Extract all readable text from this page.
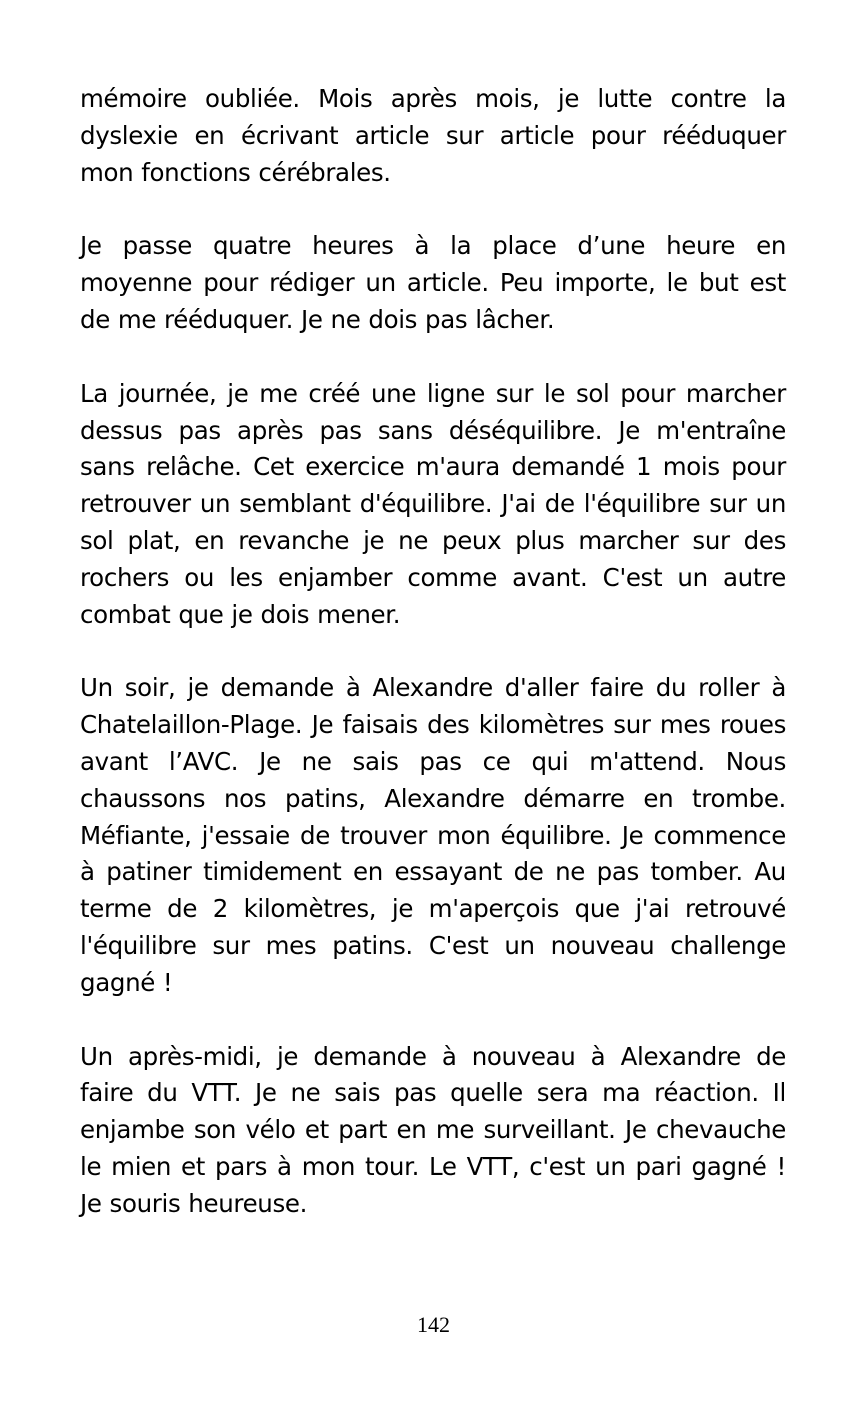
mémoire oubliée. Mois après mois, je lutte contre la dyslexie en écrivant article sur article pour rééduquer mon fonctions cérébrales.

Je passe quatre heures à la place d’une heure en moyenne pour rédiger un article. Peu importe, le but est de me rééduquer. Je ne dois pas lâcher.

La journée, je me créé une ligne sur le sol pour marcher dessus pas après pas sans déséquilibre. Je m'entraîne sans relâche. Cet exercice m'aura demandé 1 mois pour retrouver un semblant d'équilibre. J'ai de l'équilibre sur un sol plat, en revanche je ne peux plus marcher sur des rochers ou les enjamber comme avant. C'est un autre combat que je dois mener.

Un soir, je demande à Alexandre d'aller faire du roller à Chatelaillon-Plage. Je faisais des kilomètres sur mes roues avant l’AVC. Je ne sais pas ce qui m'attend. Nous chaussons nos patins, Alexandre démarre en trombe. Méfiante, j'essaie de trouver mon équilibre. Je commence à patiner timidement en essayant de ne pas tomber. Au terme de 2 kilomètres, je m'aperçois que j'ai retrouvé l'équilibre sur mes patins. C'est un nouveau challenge gagné !

Un après-midi, je demande à nouveau à Alexandre de faire du VTT. Je ne sais pas quelle sera ma réaction. Il enjambe son vélo et part en me surveillant. Je chevauche le mien et pars à mon tour. Le VTT, c'est un pari gagné ! Je souris heureuse.

142
